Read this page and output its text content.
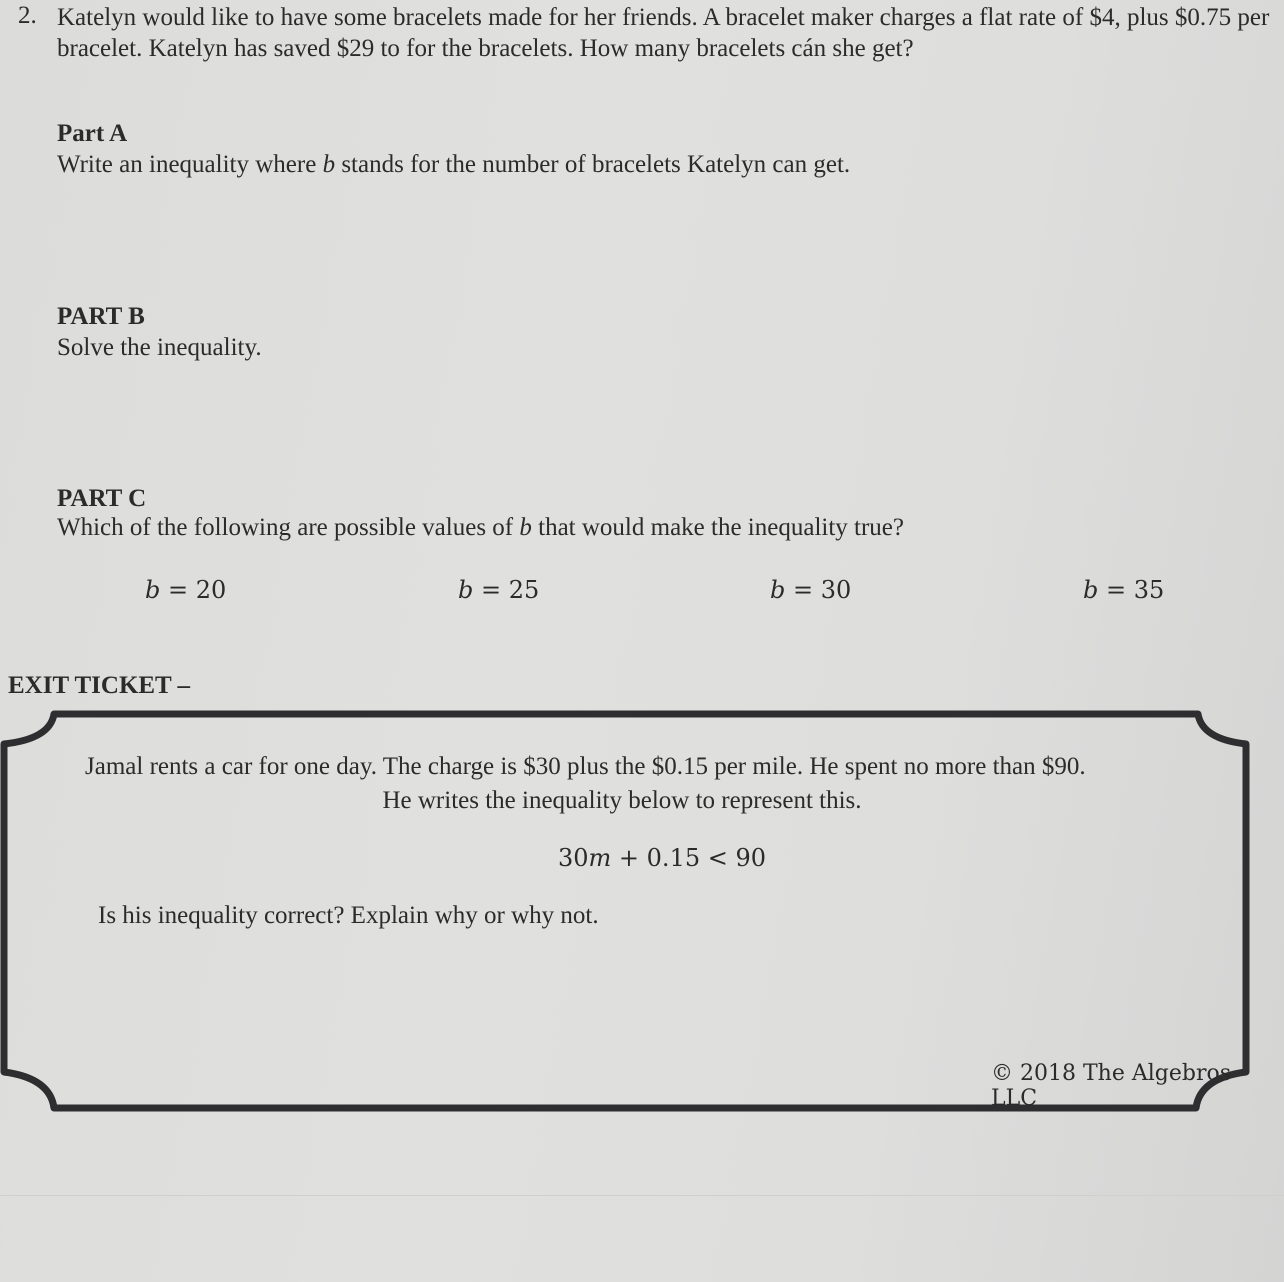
2. Katelyn would like to have some bracelets made for her friends. A bracelet maker charges a flat rate of $4, plus $0.75 per bracelet. Katelyn has saved $29 to for the bracelets. How many bracelets cán she get?
Part A
Write an inequality where b stands for the number of bracelets Katelyn can get.
PART B
Solve the inequality.
PART C
Which of the following are possible values of b that would make the inequality true?
b = 20	b = 25	b = 30	b = 35
EXIT TICKET –
Jamal rents a car for one day. The charge is $30 plus the $0.15 per mile. He spent no more than $90.
He writes the inequality below to represent this.
30m + 0.15 < 90
Is his inequality correct? Explain why or why not.
© 2018 The Algebros LLC
